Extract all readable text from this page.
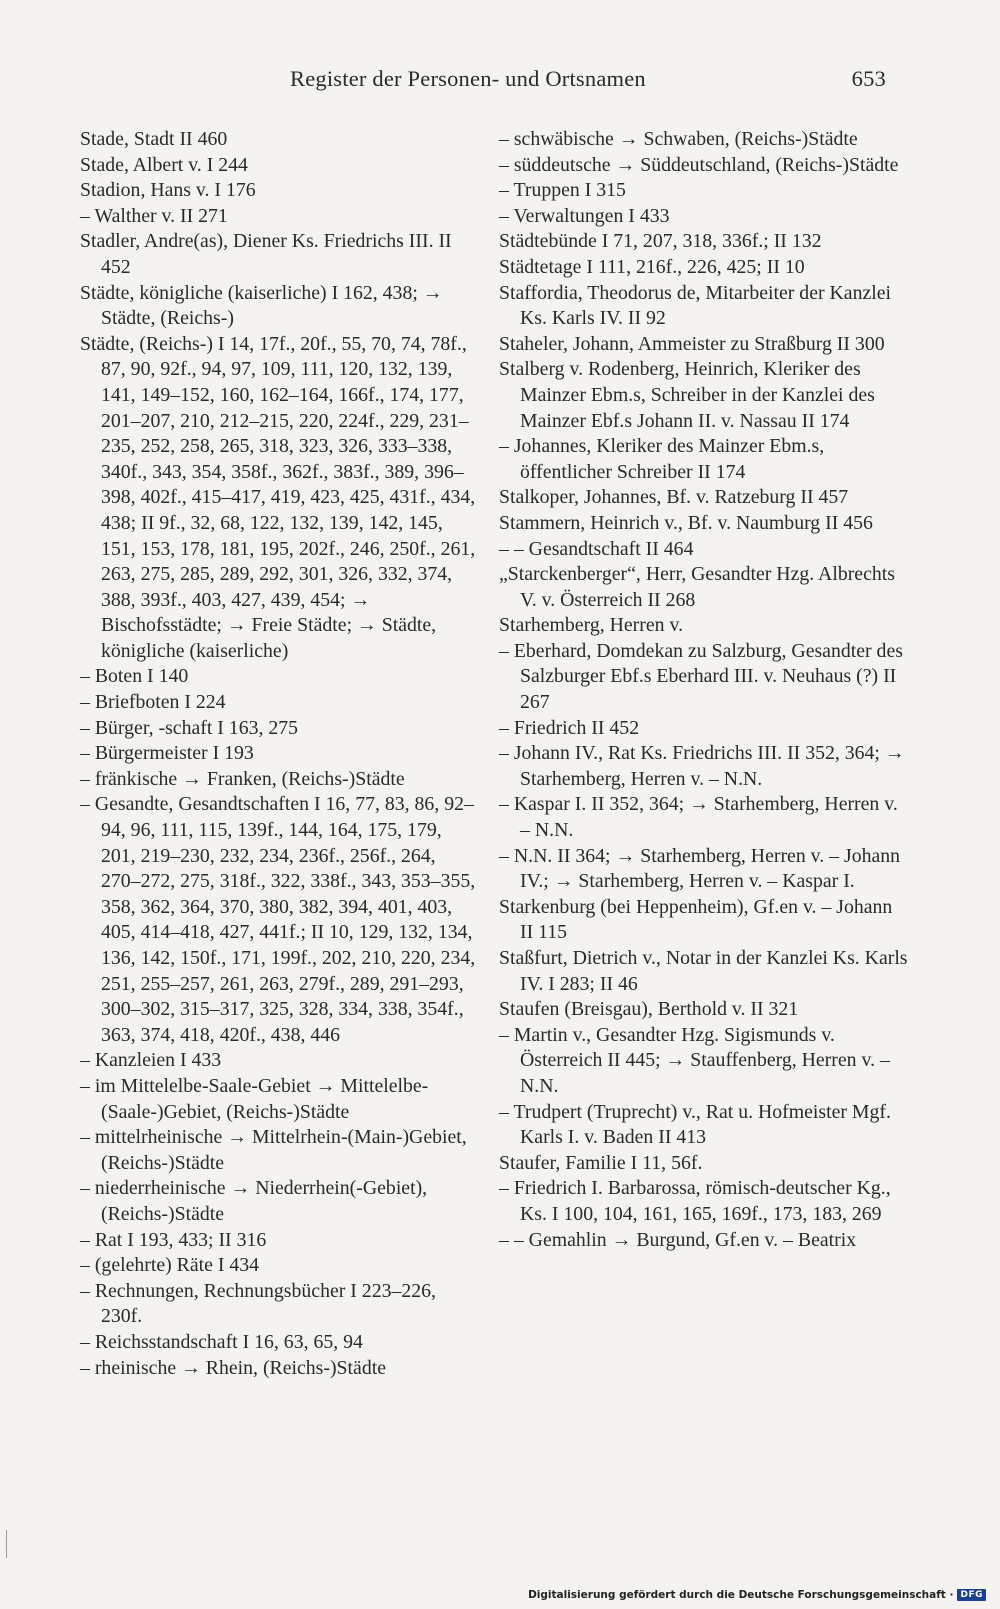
Register der Personen- und Ortsnamen	653
Stade, Stadt II 460
Stade, Albert v. I 244
Stadion, Hans v. I 176
– Walther v. II 271
Stadler, Andre(as), Diener Ks. Friedrichs III. II 452
Städte, königliche (kaiserliche) I 162, 438; → Städte, (Reichs-)
Städte, (Reichs-) I 14, 17f., 20f., 55, 70, 74, 78f., 87, 90, 92f., 94, 97, 109, 111, 120, 132, 139, 141, 149–152, 160, 162–164, 166f., 174, 177, 201–207, 210, 212–215, 220, 224f., 229, 231–235, 252, 258, 265, 318, 323, 326, 333–338, 340f., 343, 354, 358f., 362f., 383f., 389, 396–398, 402f., 415–417, 419, 423, 425, 431f., 434, 438; II 9f., 32, 68, 122, 132, 139, 142, 145, 151, 153, 178, 181, 195, 202f., 246, 250f., 261, 263, 275, 285, 289, 292, 301, 326, 332, 374, 388, 393f., 403, 427, 439, 454; → Bischofsstädte; → Freie Städte; → Städte, königliche (kaiserliche)
– Boten I 140
– Briefboten I 224
– Bürger, -schaft I 163, 275
– Bürgermeister I 193
– fränkische → Franken, (Reichs-)Städte
– Gesandte, Gesandtschaften I 16, 77, 83, 86, 92–94, 96, 111, 115, 139f., 144, 164, 175, 179, 201, 219–230, 232, 234, 236f., 256f., 264, 270–272, 275, 318f., 322, 338f., 343, 353–355, 358, 362, 364, 370, 380, 382, 394, 401, 403, 405, 414–418, 427, 441f.; II 10, 129, 132, 134, 136, 142, 150f., 171, 199f., 202, 210, 220, 234, 251, 255–257, 261, 263, 279f., 289, 291–293, 300–302, 315–317, 325, 328, 334, 338, 354f., 363, 374, 418, 420f., 438, 446
– Kanzleien I 433
– im Mittelelbe-Saale-Gebiet → Mittelelbe-(Saale-)Gebiet, (Reichs-)Städte
– mittelrheinische → Mittelrhein-(Main-)Gebiet, (Reichs-)Städte
– niederrheinische → Niederrhein(-Gebiet), (Reichs-)Städte
– Rat I 193, 433; II 316
– (gelehrte) Räte I 434
– Rechnungen, Rechnungsbücher I 223–226, 230f.
– Reichsstandschaft I 16, 63, 65, 94
– rheinische → Rhein, (Reichs-)Städte
– schwäbische → Schwaben, (Reichs-)Städte
– süddeutsche → Süddeutschland, (Reichs-)Städte
– Truppen I 315
– Verwaltungen I 433
Städtebünde I 71, 207, 318, 336f.; II 132
Städtetage I 111, 216f., 226, 425; II 10
Staffordia, Theodorus de, Mitarbeiter der Kanzlei Ks. Karls IV. II 92
Staheler, Johann, Ammeister zu Straßburg II 300
Stalberg v. Rodenberg, Heinrich, Kleriker des Mainzer Ebm.s, Schreiber in der Kanzlei des Mainzer Ebf.s Johann II. v. Nassau II 174
– Johannes, Kleriker des Mainzer Ebm.s, öffentlicher Schreiber II 174
Stalkoper, Johannes, Bf. v. Ratzeburg II 457
Stammern, Heinrich v., Bf. v. Naumburg II 456
– – Gesandtschaft II 464
„Starckenberger“, Herr, Gesandter Hzg. Albrechts V. v. Österreich II 268
Starhemberg, Herren v.
– Eberhard, Domdekan zu Salzburg, Gesandter des Salzburger Ebf.s Eberhard III. v. Neuhaus (?) II 267
– Friedrich II 452
– Johann IV., Rat Ks. Friedrichs III. II 352, 364; → Starhemberg, Herren v. – N.N.
– Kaspar I. II 352, 364; → Starhemberg, Herren v. – N.N.
– N.N. II 364; → Starhemberg, Herren v. – Johann IV.; → Starhemberg, Herren v. – Kaspar I.
Starkenburg (bei Heppenheim), Gf.en v. – Johann II 115
Staßfurt, Dietrich v., Notar in der Kanzlei Ks. Karls IV. I 283; II 46
Staufen (Breisgau), Berthold v. II 321
– Martin v., Gesandter Hzg. Sigismunds v. Österreich II 445; → Stauffenberg, Herren v. – N.N.
– Trudpert (Truprecht) v., Rat u. Hofmeister Mgf. Karls I. v. Baden II 413
Staufer, Familie I 11, 56f.
– Friedrich I. Barbarossa, römisch-deutscher Kg., Ks. I 100, 104, 161, 165, 169f., 173, 183, 269
– – Gemahlin → Burgund, Gf.en v. – Beatrix
Digitalisierung gefördert durch die Deutsche Forschungsgemeinschaft · DFG
